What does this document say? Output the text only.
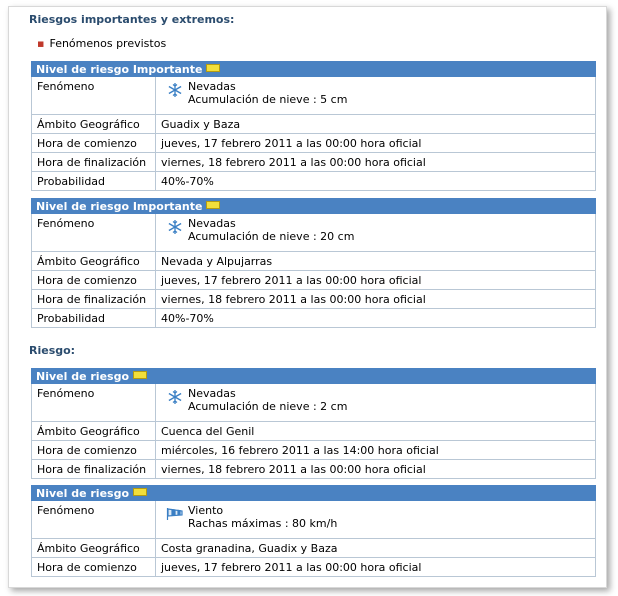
Riesgos importantes y extremos:
▪ Fenómenos previstos
Nivel de riesgo Importante	
Fenómeno	Nevadas
Acumulación de nieve : 5 cm

Ámbito Geográfico	Guadix y Baza
Hora de comienzo	jueves, 17 febrero 2011 a las 00:00 hora oficial
Hora de finalización	viernes, 18 febrero 2011 a las 00:00 hora oficial
Probabilidad	40%-70%
Nivel de riesgo Importante	
Fenómeno	Nevadas
Acumulación de nieve : 20 cm

Ámbito Geográfico	Nevada y Alpujarras
Hora de comienzo	jueves, 17 febrero 2011 a las 00:00 hora oficial
Hora de finalización	viernes, 18 febrero 2011 a las 00:00 hora oficial
Probabilidad	40%-70%
Riesgo:
Nivel de riesgo	
Fenómeno	Nevadas
Acumulación de nieve : 2 cm

Ámbito Geográfico	Cuenca del Genil
Hora de comienzo	miércoles, 16 febrero 2011 a las 14:00 hora oficial
Hora de finalización	viernes, 18 febrero 2011 a las 00:00 hora oficial
Nivel de riesgo	
Fenómeno	Viento
Rachas máximas : 80 km/h

Ámbito Geográfico	Costa granadina, Guadix y Baza
Hora de comienzo	jueves, 17 febrero 2011 a las 00:00 hora oficial
